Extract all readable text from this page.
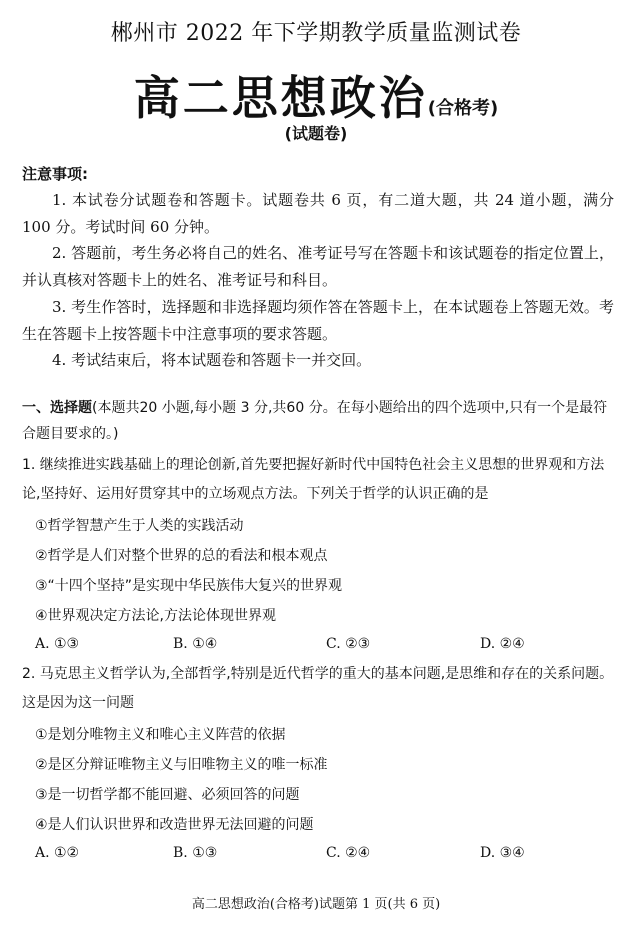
郴州市 2022 年下学期教学质量监测试卷
高二思想政治(合格考)
(试题卷)
注意事项:
1. 本试卷分试题卷和答题卡。试题卷共 6 页，有二道大题，共 24 道小题，满分 100 分。考试时间 60 分钟。
2. 答题前，考生务必将自己的姓名、准考证号写在答题卡和该试题卷的指定位置上，并认真核对答题卡上的姓名、准考证号和科目。
3. 考生作答时，选择题和非选择题均须作答在答题卡上，在本试题卷上答题无效。考生在答题卡上按答题卡中注意事项的要求答题。
4. 考试结束后，将本试题卷和答题卡一并交回。
一、选择题(本题共20 小题,每小题 3 分,共60 分。在每小题给出的四个选项中,只有一个是最符合题目要求的。)
1. 继续推进实践基础上的理论创新,首先要把握好新时代中国特色社会主义思想的世界观和方法论,坚持好、运用好贯穿其中的立场观点方法。下列关于哲学的认识正确的是
①哲学智慧产生于人类的实践活动
②哲学是人们对整个世界的总的看法和根本观点
③“十四个坚持”是实现中华民族伟大复兴的世界观
④世界观决定方法论,方法论体现世界观
A. ①③	B. ①④	C. ②③	D. ②④
2. 马克思主义哲学认为,全部哲学,特别是近代哲学的重大的基本问题,是思维和存在的关系问题。这是因为这一问题
①是划分唯物主义和唯心主义阵营的依据
②是区分辩证唯物主义与旧唯物主义的唯一标准
③是一切哲学都不能回避、必须回答的问题
④是人们认识世界和改造世界无法回避的问题
A. ①②	B. ①③	C. ②④	D. ③④
高二思想政治(合格考)试题第 1 页(共 6 页)
